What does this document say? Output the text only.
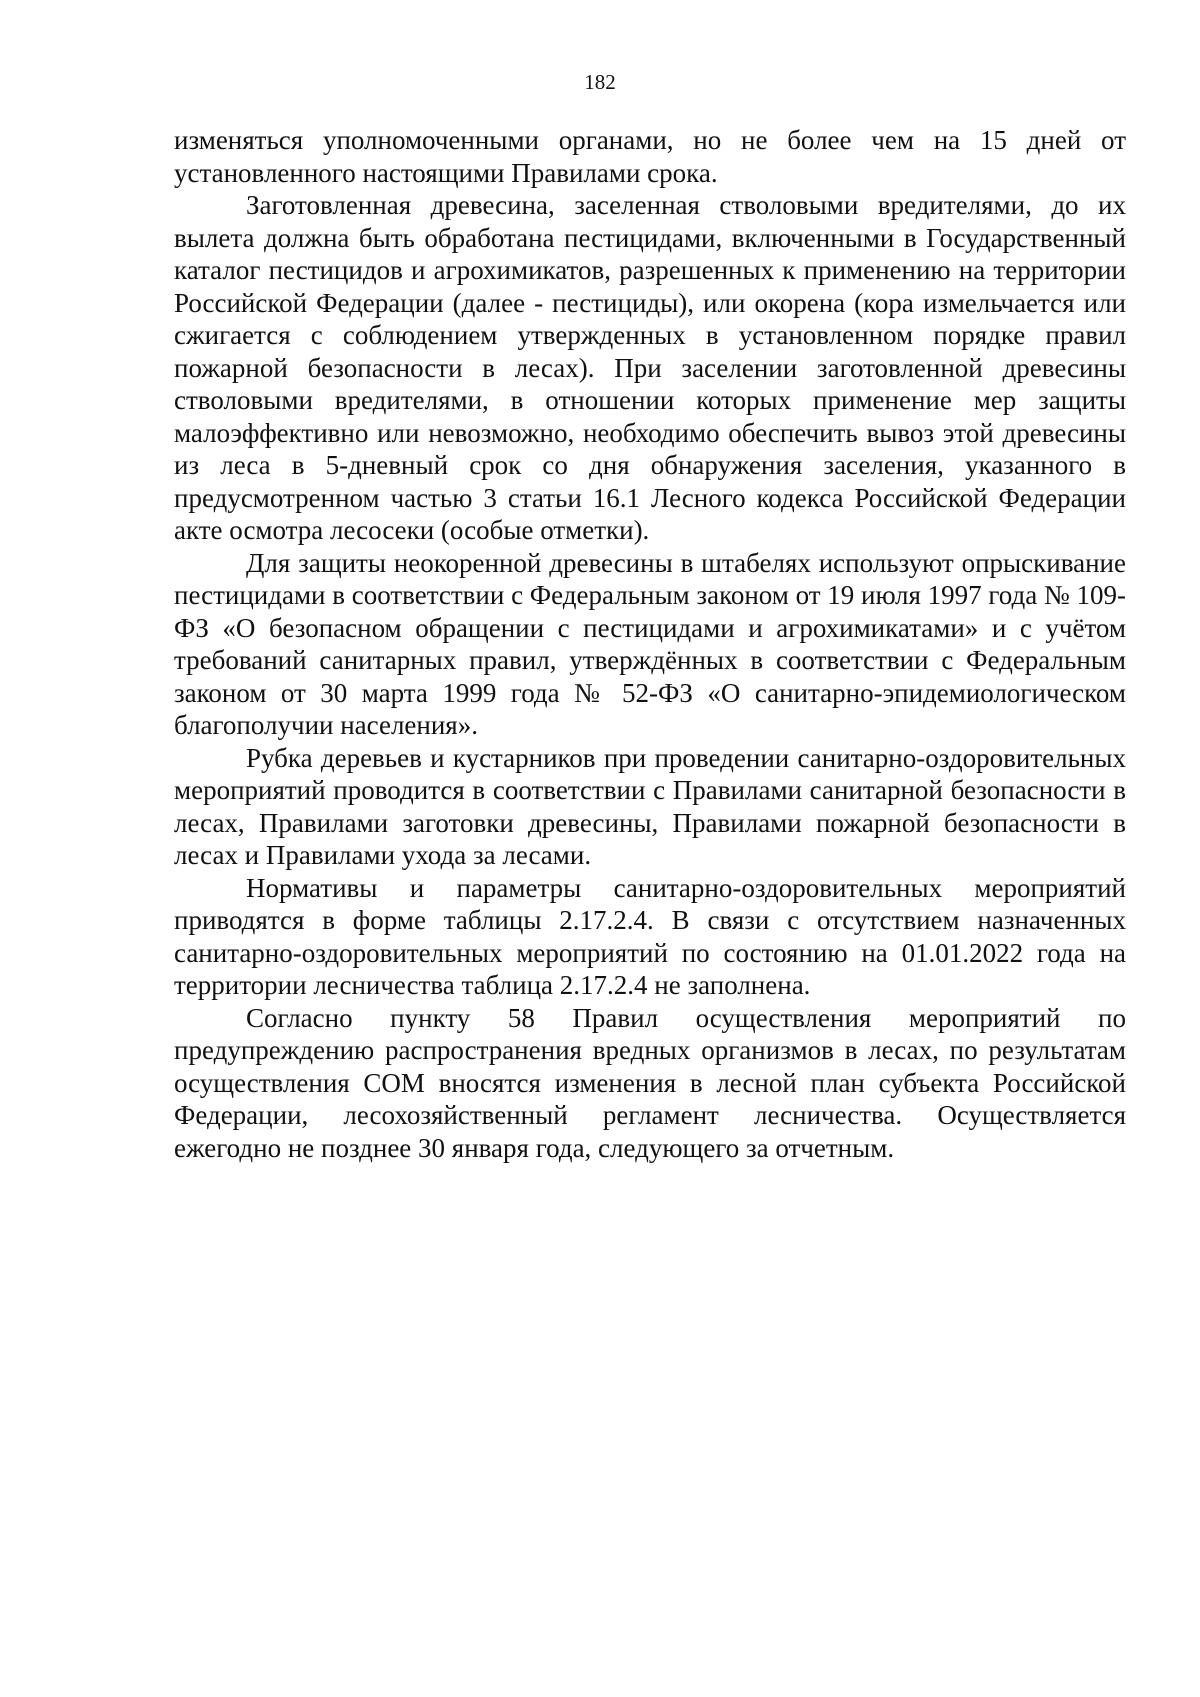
182

изменяться уполномоченными органами, но не более чем на 15 дней от установленного настоящими Правилами срока.

Заготовленная древесина, заселенная стволовыми вредителями, до их вылета должна быть обработана пестицидами, включенными в Государственный каталог пестицидов и агрохимикатов, разрешенных к применению на территории Российской Федерации (далее - пестициды), или окорена (кора измельчается или сжигается с соблюдением утвержденных в установленном порядке правил пожарной безопасности в лесах). При заселении заготовленной древесины стволовыми вредителями, в отношении которых применение мер защиты малоэффективно или невозможно, необходимо обеспечить вывоз этой древесины из леса в 5-дневный срок со дня обнаружения заселения, указанного в предусмотренном частью 3 статьи 16.1 Лесного кодекса Российской Федерации акте осмотра лесосеки (особые отметки).

Для защиты неокоренной древесины в штабелях используют опрыскивание пестицидами в соответствии с Федеральным законом от 19 июля 1997 года № 109-ФЗ «О безопасном обращении с пестицидами и агрохимикатами» и с учётом требований санитарных правил, утверждённых в соответствии с Федеральным законом от 30 марта 1999 года № 52-ФЗ «О санитарно-эпидемиологическом благополучии населения».

Рубка деревьев и кустарников при проведении санитарно-оздоровительных мероприятий проводится в соответствии с Правилами санитарной безопасности в лесах, Правилами заготовки древесины, Правилами пожарной безопасности в лесах и Правилами ухода за лесами.

Нормативы и параметры санитарно-оздоровительных мероприятий приводятся в форме таблицы 2.17.2.4. В связи с отсутствием назначенных санитарно-оздоровительных мероприятий по состоянию на 01.01.2022 года на территории лесничества таблица 2.17.2.4 не заполнена.

Согласно пункту 58 Правил осуществления мероприятий по предупреждению распространения вредных организмов в лесах, по результатам осуществления СОМ вносятся изменения в лесной план субъекта Российской Федерации, лесохозяйственный регламент лесничества. Осуществляется ежегодно не позднее 30 января года, следующего за отчетным.
